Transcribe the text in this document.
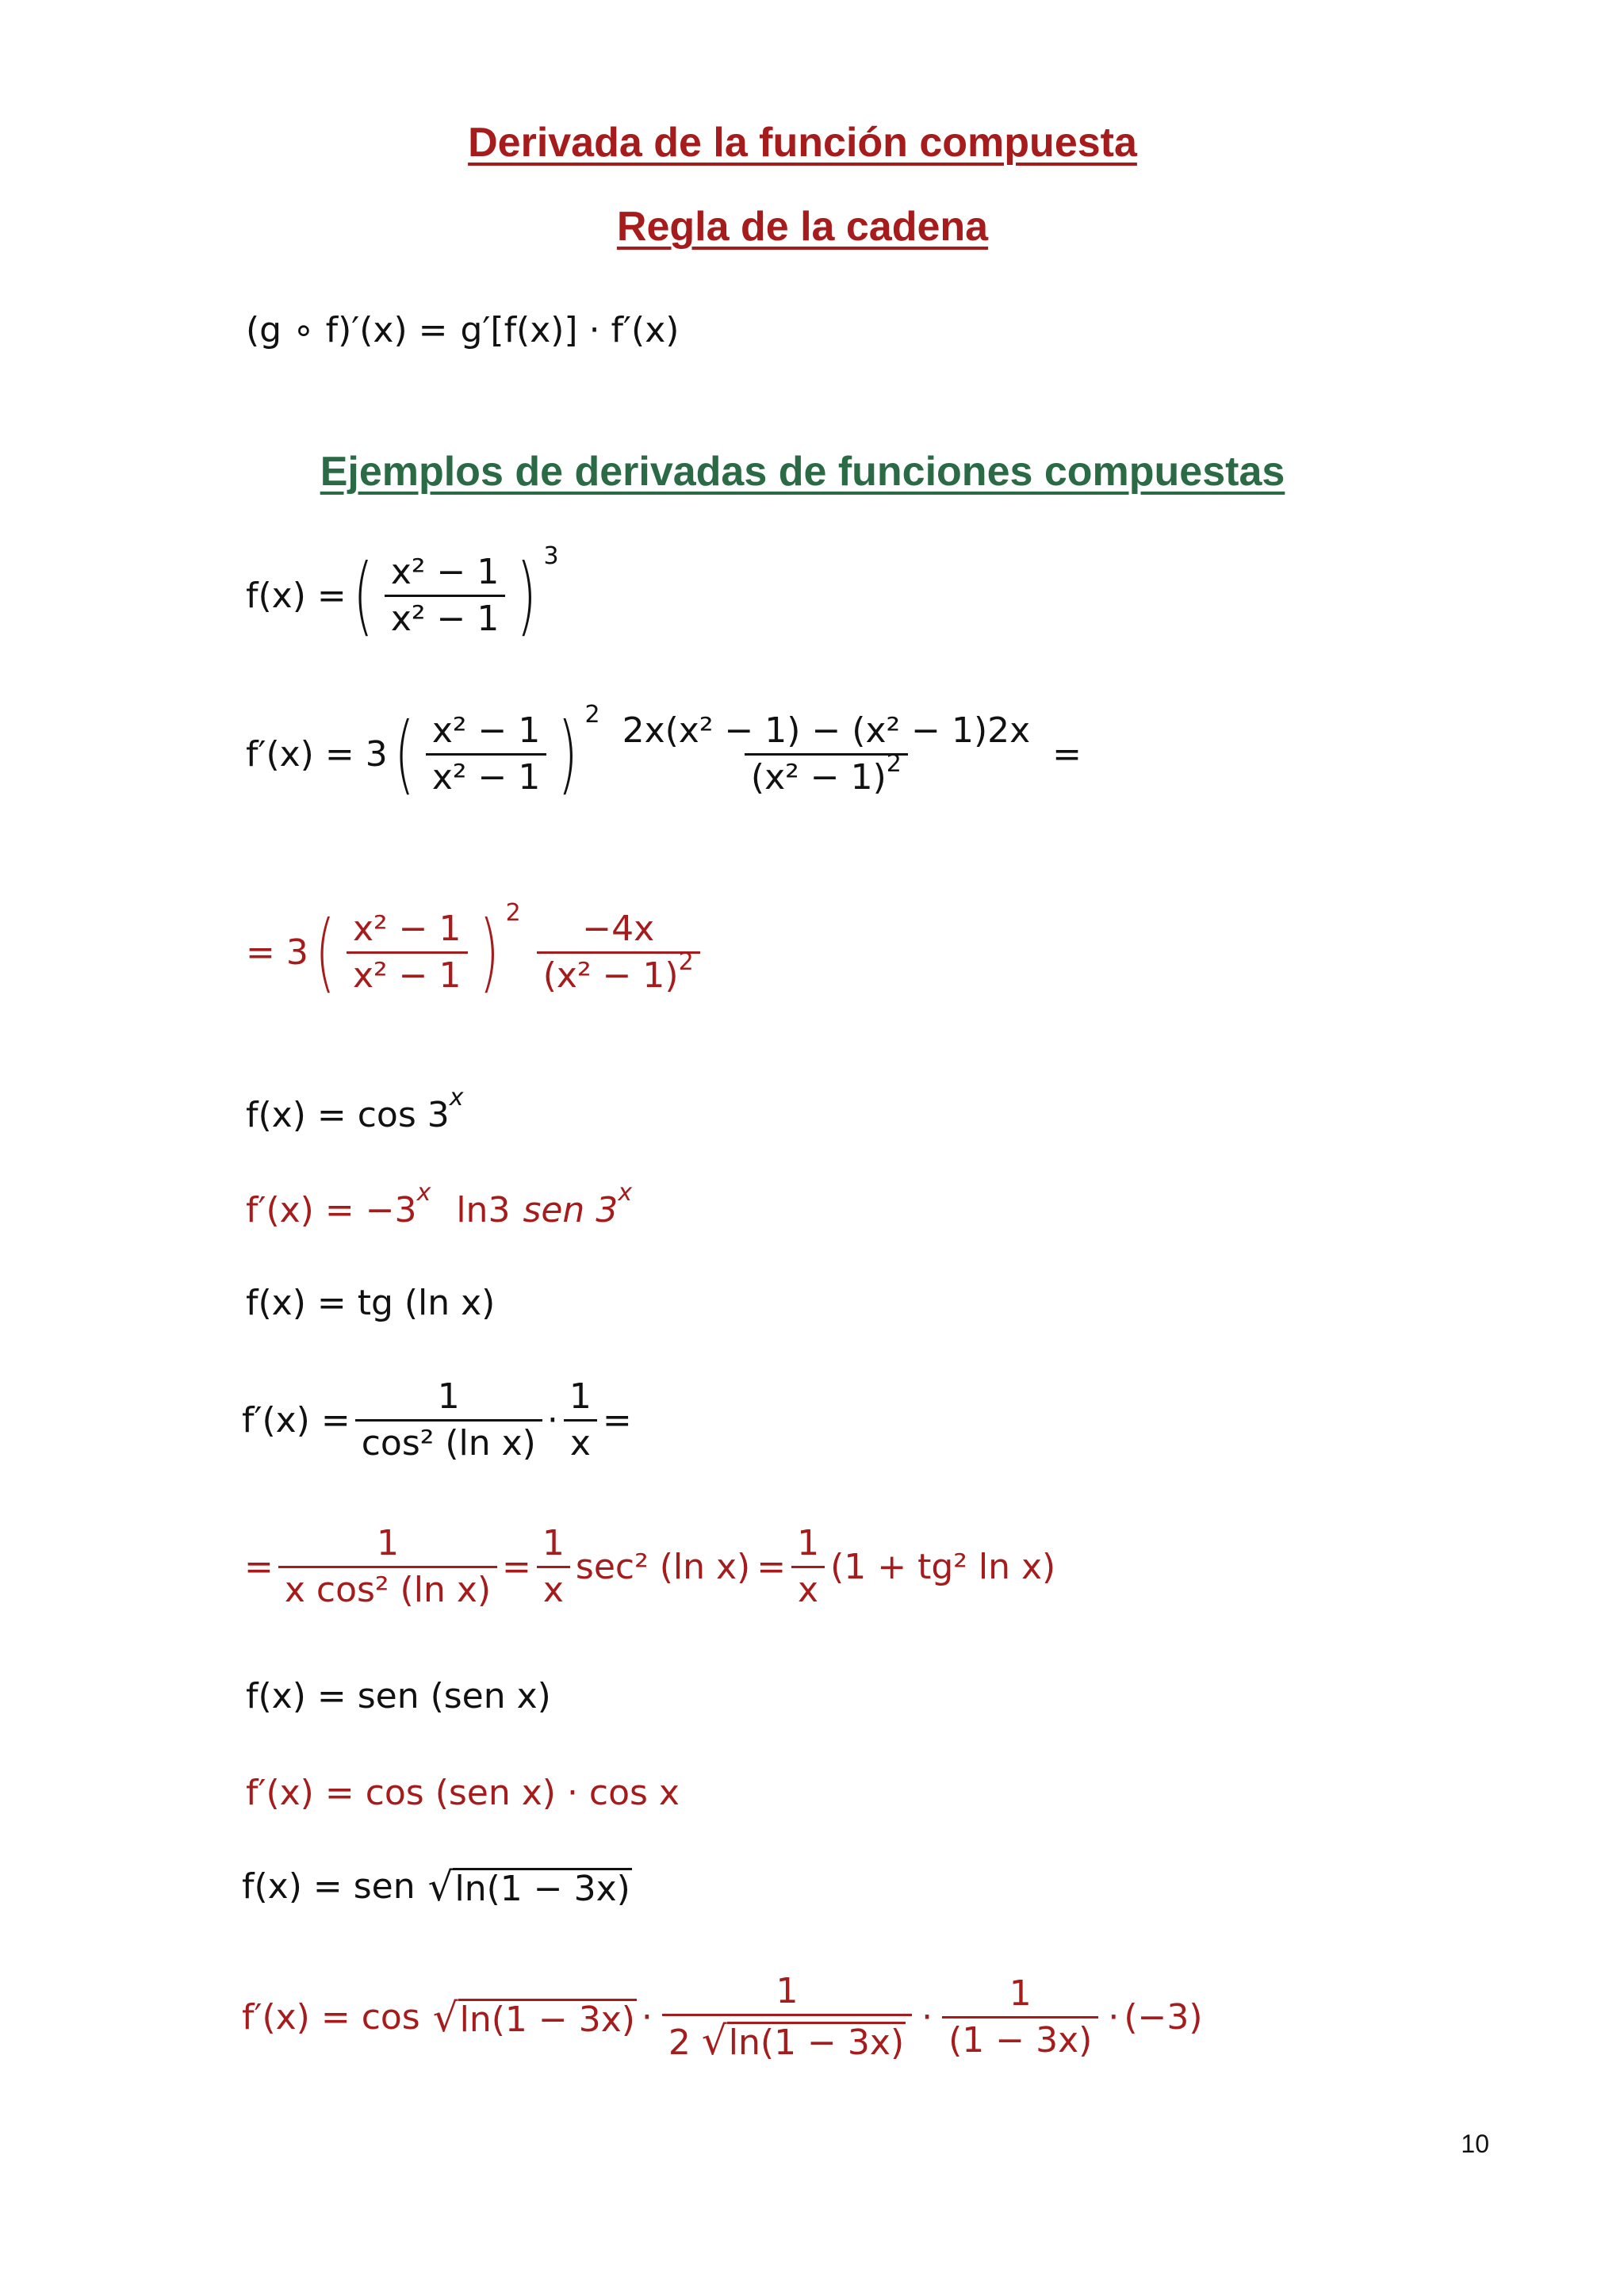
Derivada de la función compuesta
Regla de la cadena
(g ∘ f)′(x) = g′[f(x)] · f′(x)
Ejemplos de derivadas de funciones compuestas
f(x) = ( $\frac{\text{x² − 1}}{\text{x² − 1}}$ ) $^3$
f′(x) = 3 ( $\frac{\text{x² − 1}}{\text{x² − 1}}$ ) $^2 \frac{\text{2x(x² − 1) − (x² − 1)2x}}{(x^2 - 1)^2}$ =
= 3 ( $\frac{\text{x² − 1}}{\text{x² − 1}}$ ) $^2 \frac{-4x}{(x^2 - 1)^2}$
f(x) = cos 3$^x$
$f'(x) = -3^x$ ln3 sen 3$^x$
f(x) = tg (ln x)
$f'(x) = \frac{1}{\text{cos² (ln x)}} \cdot \frac{1}{x}$ =
= $\frac{1}{\text{x cos² (ln x)}} = \frac{1}{x} \sec^2$ (ln $x) = \frac{1}{x} (1 + tg^2$ ln x)
f(x) = sen (sen x)
f′(x) = cos (sen x) · cos x
f(x) = sen √ ln(1 − 3x)
f′(x) = cos √ $\ln(1 - 3x) \cdot \frac{1}{2 √ \ln(1 - 3x)} \cdot \frac{1}{(1 - 3x)} \cdot (-3)$
10
